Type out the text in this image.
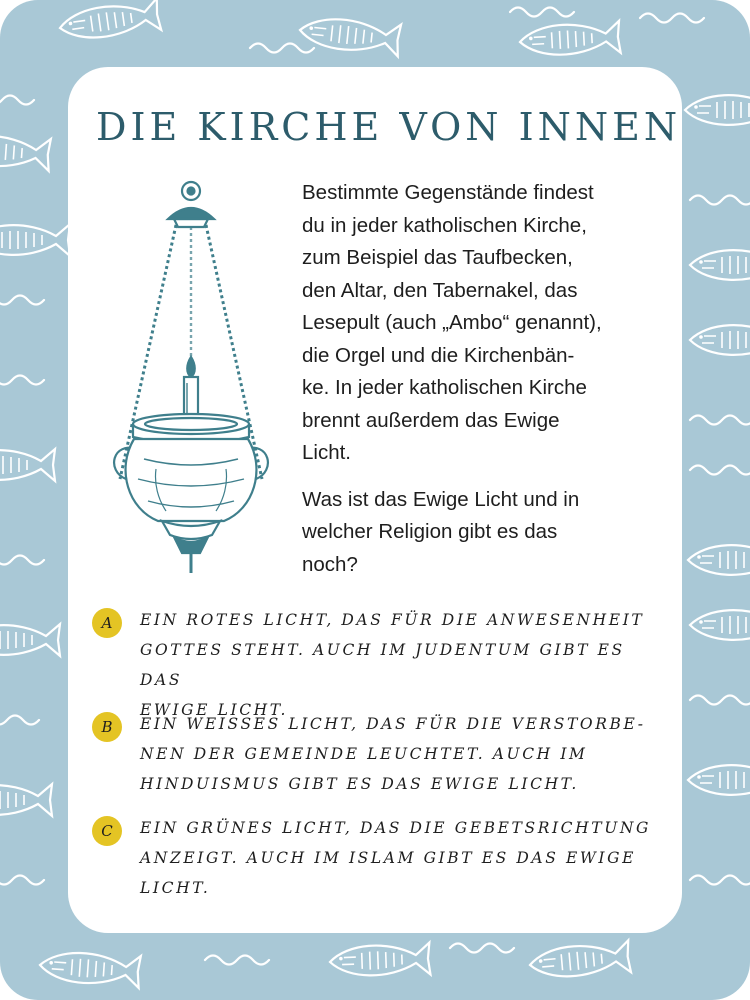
DIE KIRCHE VON INNEN

Bestimmte Gegenstände findest
du in jeder katholischen Kirche,
zum Beispiel das Taufbecken,
den Altar, den Tabernakel, das
Lesepult (auch „Ambo“ genannt),
die Orgel und die Kirchenbän-
ke. In jeder katholischen Kirche
brennt außerdem das Ewige
Licht.

Was ist das Ewige Licht und in
welcher Religion gibt es das
noch?

A	EIN ROTES LICHT, DAS FÜR DIE ANWESENHEIT
GOTTES STEHT. AUCH IM JUDENTUM GIBT ES DAS
EWIGE LICHT.
B	EIN WEISSES LICHT, DAS FÜR DIE VERSTORBE-
NEN DER GEMEINDE LEUCHTET. AUCH IM
HINDUISMUS GIBT ES DAS EWIGE LICHT.
C	EIN GRÜNES LICHT, DAS DIE GEBETSRICHTUNG
ANZEIGT. AUCH IM ISLAM GIBT ES DAS EWIGE
LICHT.
